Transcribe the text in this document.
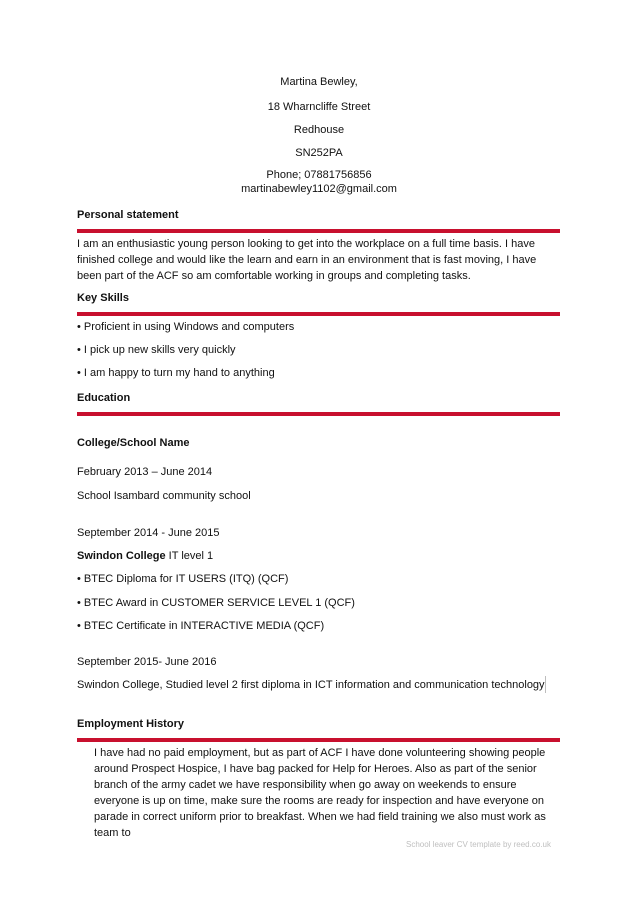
Martina Bewley,
18 Wharncliffe Street
Redhouse
SN252PA
Phone; 07881756856
martinabewley1102@gmail.com
Personal statement
I am an enthusiastic young person looking to get into the workplace on a full time basis. I have finished college and would like the learn and earn in an environment that is fast moving, I have been part of the ACF so am comfortable working in groups and completing tasks.
Key Skills
• Proficient in using Windows and computers
• I pick up new skills very quickly
• I am happy to turn my hand to anything
Education
College/School Name
February 2013 – June 2014
School Isambard community school
September 2014 - June 2015
Swindon College IT level 1
• BTEC Diploma for IT USERS (ITQ) (QCF)
• BTEC Award in CUSTOMER SERVICE LEVEL 1 (QCF)
• BTEC Certificate in INTERACTIVE MEDIA (QCF)
September 2015- June 2016
Swindon College, Studied level 2 first diploma in ICT information and communication technology
Employment History
I have had no paid employment, but as part of ACF I have done volunteering showing people around Prospect Hospice, I have bag packed for Help for Heroes. Also as part of the senior branch of the army cadet we have responsibility when go away on weekends to ensure everyone is up on time, make sure the rooms are ready for inspection and have everyone on parade in correct uniform prior to breakfast. When we had field training we also must work as team to
School leaver CV template by reed.co.uk
